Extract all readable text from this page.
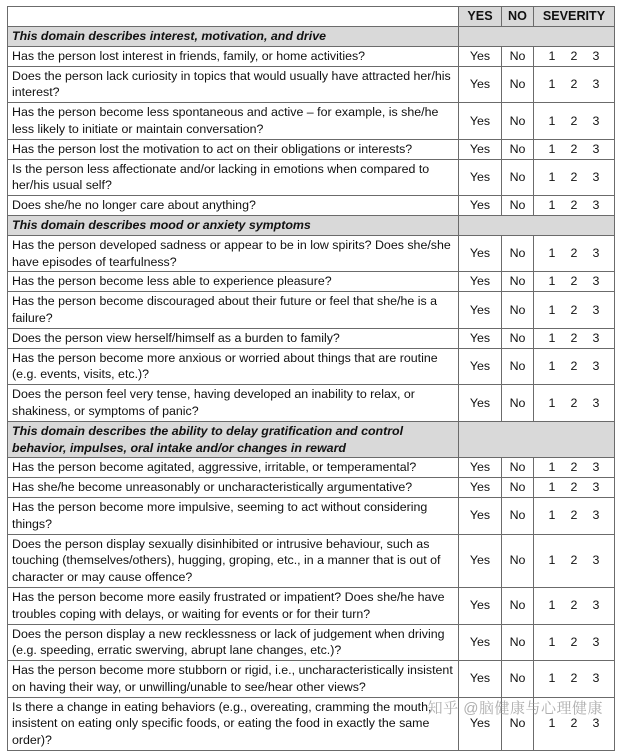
	YES	NO	SEVERITY
This domain describes interest, motivation, and drive			
Has the person lost interest in friends, family, or home activities?	Yes	No	1 2 3

Does the person lack curiosity in topics that would usually have attracted her/his interest?	Yes	No	1 2 3

Has the person become less spontaneous and active – for example, is she/he less likely to initiate or maintain conversation?	Yes	No	1 2 3

Has the person lost the motivation to act on their obligations or interests?	Yes	No	1 2 3

Is the person less affectionate and/or lacking in emotions when compared to her/his usual self?	Yes	No	1 2 3

Does she/he no longer care about anything?	Yes	No	1 2 3

This domain describes mood or anxiety symptoms			
Has the person developed sadness or appear to be in low spirits? Does she/she have episodes of tearfulness?	Yes	No	1 2 3

Has the person become less able to experience pleasure?	Yes	No	1 2 3

Has the person become discouraged about their future or feel that she/he is a failure?	Yes	No	1 2 3

Does the person view herself/himself as a burden to family?	Yes	No	1 2 3

Has the person become more anxious or worried about things that are routine (e.g. events, visits, etc.)?	Yes	No	1 2 3

Does the person feel very tense, having developed an inability to relax, or shakiness, or symptoms of panic?	Yes	No	1 2 3

This domain describes the ability to delay gratification and control behavior, impulses, oral intake and/or changes in reward			
Has the person become agitated, aggressive, irritable, or temperamental?	Yes	No	1 2 3

Has she/he become unreasonably or uncharacteristically argumentative?	Yes	No	1 2 3

Has the person become more impulsive, seeming to act without considering things?	Yes	No	1 2 3

Does the person display sexually disinhibited or intrusive behaviour, such as touching (themselves/others), hugging, groping, etc., in a manner that is out of character or may cause offence?	Yes	No	1 2 3

Has the person become more easily frustrated or impatient? Does she/he have troubles coping with delays, or waiting for events or for their turn?	Yes	No	1 2 3

Does the person display a new recklessness or lack of judgement when driving (e.g. speeding, erratic swerving, abrupt lane changes, etc.)?	Yes	No	1 2 3

Has the person become more stubborn or rigid, i.e., uncharacteristically insistent on having their way, or unwilling/unable to see/hear other views?	Yes	No	1 2 3

Is there a change in eating behaviors (e.g., overeating, cramming the mouth, insistent on eating only specific foods, or eating the food in exactly the same order)?	Yes	No	1 2 3
知乎 @脑健康与心理健康
